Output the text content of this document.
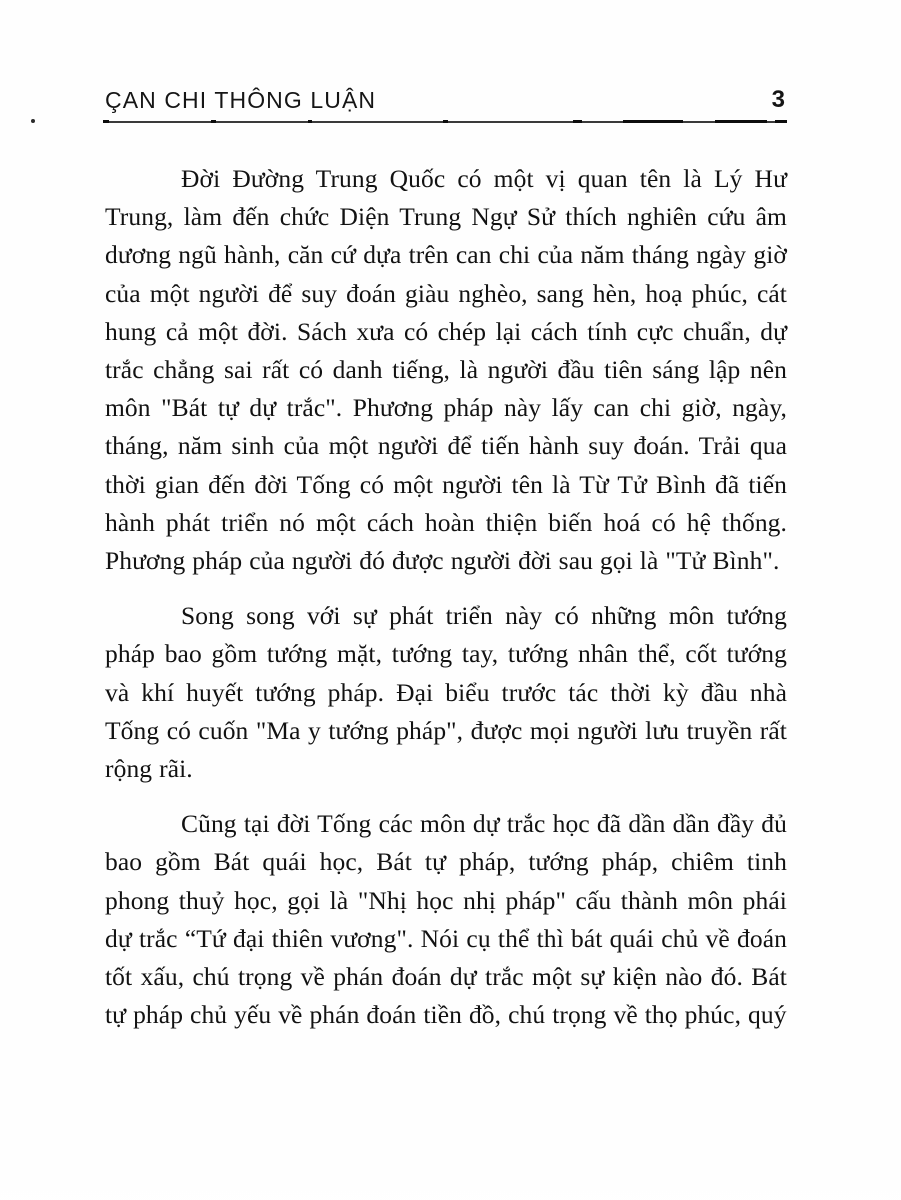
ÇAN CHI THÔNG LUẬN	3

Đời Đường Trung Quốc có một vị quan tên là Lý Hư Trung, làm đến chức Diện Trung Ngự Sử thích nghiên cứu âm dương ngũ hành, căn cứ dựa trên can chi của năm tháng ngày giờ của một người để suy đoán giàu nghèo, sang hèn, hoạ phúc, cát hung cả một đời. Sách xưa có chép lại cách tính cực chuẩn, dự trắc chẳng sai rất có danh tiếng, là người đầu tiên sáng lập nên môn "Bát tự dự trắc". Phương pháp này lấy can chi giờ, ngày, tháng, năm sinh của một người để tiến hành suy đoán. Trải qua thời gian đến đời Tống có một người tên là Từ Tử Bình đã tiến hành phát triển nó một cách hoàn thiện biến hoá có hệ thống. Phương pháp của người đó được người đời sau gọi là "Tử Bình".

Song song với sự phát triển này có những môn tướng pháp bao gồm tướng mặt, tướng tay, tướng nhân thể, cốt tướng và khí huyết tướng pháp. Đại biểu trước tác thời kỳ đầu nhà Tống có cuốn "Ma y tướng pháp", được mọi người lưu truyền rất rộng rãi.

Cũng tại đời Tống các môn dự trắc học đã dần dần đầy đủ bao gồm Bát quái học, Bát tự pháp, tướng pháp, chiêm tinh phong thuỷ học, gọi là "Nhị học nhị pháp" cấu thành môn phái dự trắc “Tứ đại thiên vương". Nói cụ thể thì bát quái chủ về đoán tốt xấu, chú trọng về phán đoán dự trắc một sự kiện nào đó. Bát tự pháp chủ yếu về phán đoán tiền đồ, chú trọng về thọ phúc, quý
